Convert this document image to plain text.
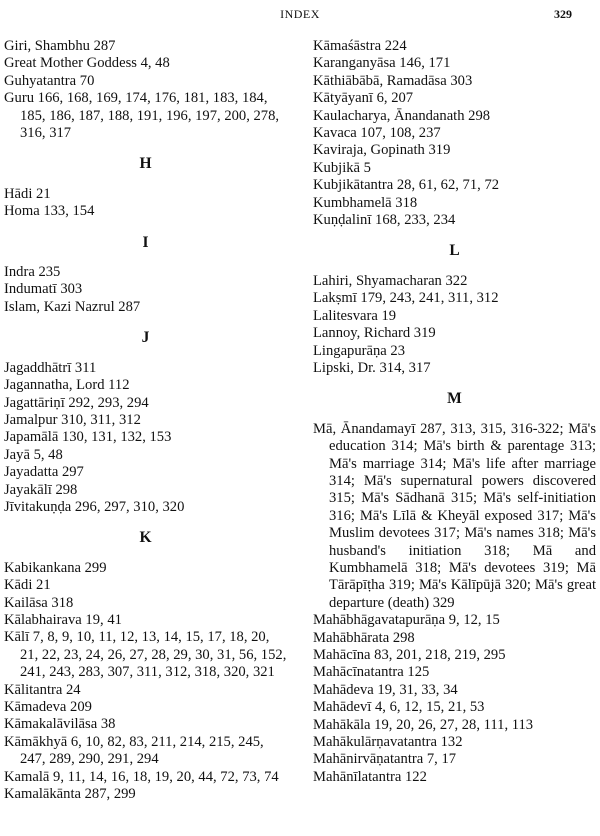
INDEX	329
Giri, Shambhu 287
Great Mother Goddess 4, 48
Guhyatantra 70
Guru 166, 168, 169, 174, 176, 181, 183, 184, 185, 186, 187, 188, 191, 196, 197, 200, 278, 316, 317
H
Hādi 21
Homa 133, 154
I
Indra 235
Indumatī 303
Islam, Kazi Nazrul 287
J
Jagaddhātrī 311
Jagannatha, Lord 112
Jagattāriṇī 292, 293, 294
Jamalpur 310, 311, 312
Japamālā 130, 131, 132, 153
Jayā 5, 48
Jayadatta 297
Jayakālī 298
Jīvitakuṇḍa 296, 297, 310, 320
K
Kabikankana 299
Kādi 21
Kailāsa 318
Kālabhairava 19, 41
Kālī 7, 8, 9, 10, 11, 12, 13, 14, 15, 17, 18, 20, 21, 22, 23, 24, 26, 27, 28, 29, 30, 31, 56, 152, 241, 243, 283, 307, 311, 312, 318, 320, 321
Kālitantra 24
Kāmadeva 209
Kāmakalāvilāsa 38
Kāmākhyā 6, 10, 82, 83, 211, 214, 215, 245, 247, 289, 290, 291, 294
Kamalā 9, 11, 14, 16, 18, 19, 20, 44, 72, 73, 74
Kamalākānta 287, 299
Kāmaśāstra 224
Karanganyāsa 146, 171
Kāthiābābā, Ramadāsa 303
Kātyāyanī 6, 207
Kaulacharya, Ānandanath 298
Kavaca 107, 108, 237
Kaviraja, Gopinath 319
Kubjikā 5
Kubjikātantra 28, 61, 62, 71, 72
Kumbhamelā 318
Kuṇḍalinī 168, 233, 234
L
Lahiri, Shyamacharan 322
Lakṣmī 179, 243, 241, 311, 312
Lalitesvara 19
Lannoy, Richard 319
Lingapurāṇa 23
Lipski, Dr. 314, 317
M
Mā, Ānandamayī 287, 313, 315, 316-322; Mā's education 314; Mā's birth & parentage 313; Mā's marriage 314; Mā's life after marriage 314; Mā's supernatural powers discovered 315; Mā's Sādhanā 315; Mā's self-initiation 316; Mā's Līlā & Kheyāl exposed 317; Mā's Muslim devotees 317; Mā's names 318; Mā's husband's initiation 318; Mā and Kumbhamelā 318; Mā's devotees 319; Mā Tārāpīṭha 319; Mā's Kālīpūjā 320; Mā's great departure (death) 329
Mahābhāgavatapurāṇa 9, 12, 15
Mahābhārata 298
Mahācīna 83, 201, 218, 219, 295
Mahācīnatantra 125
Mahādeva 19, 31, 33, 34
Mahādevī 4, 6, 12, 15, 21, 53
Mahākāla 19, 20, 26, 27, 28, 111, 113
Mahākulārṇavatantra 132
Mahānirvāṇatantra 7, 17
Mahānīlatantra 122
